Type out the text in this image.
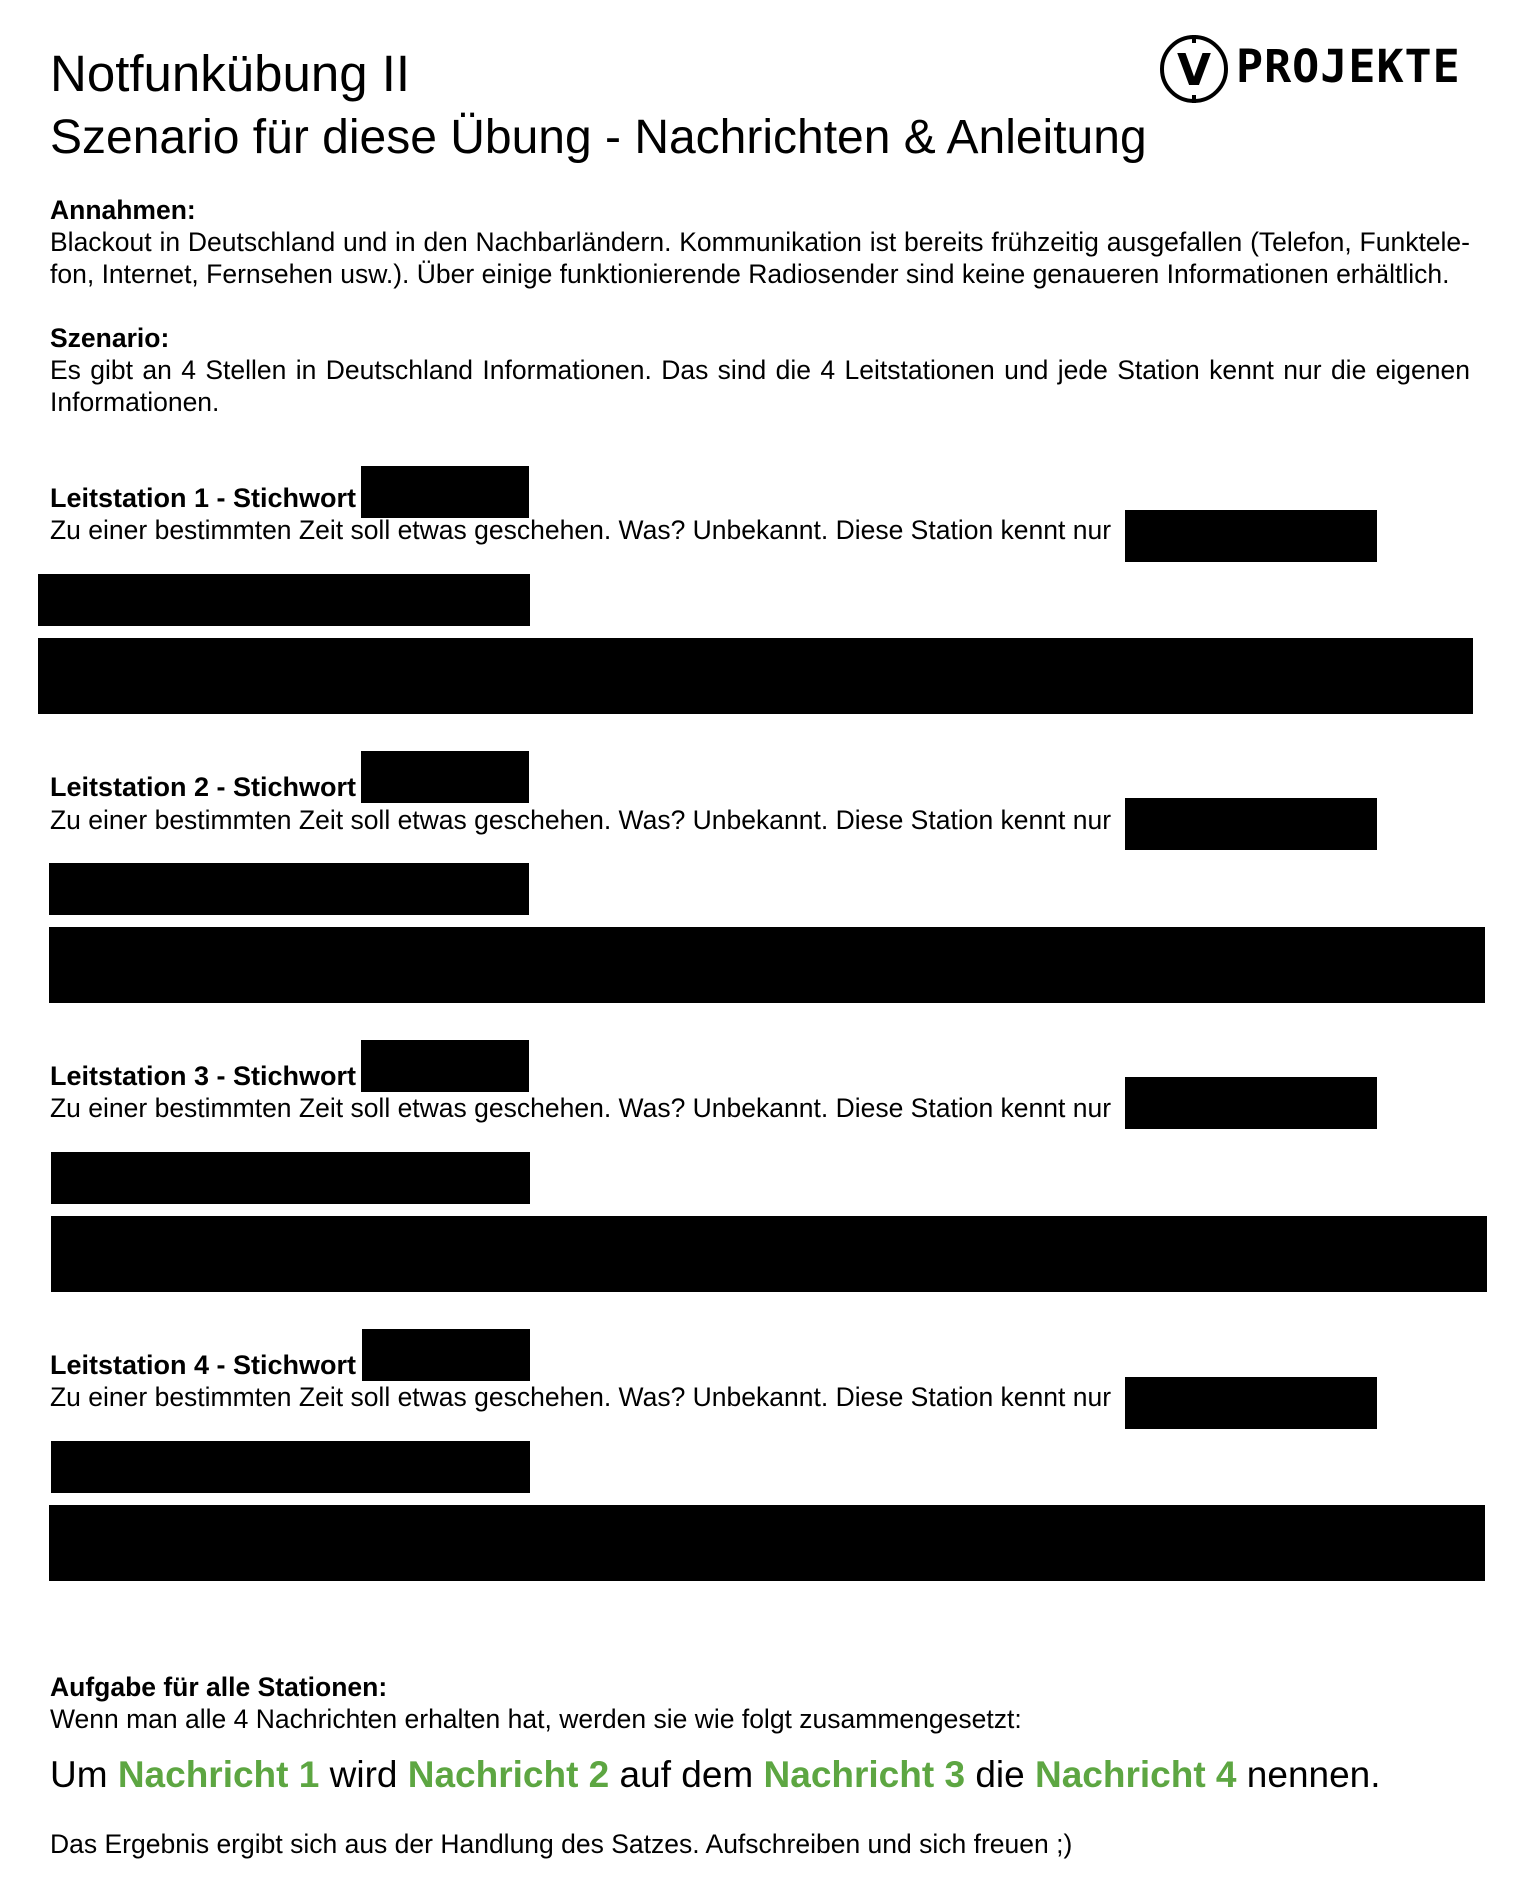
Notfunkübung II
Szenario für diese Übung - Nachrichten & Anleitung
V PROJEKTE
Annahmen:
Blackout in Deutschland und in den Nachbarländern. Kommunikation ist bereits frühzeitig ausgefallen (Telefon, Funktele-fon, Internet, Fernsehen usw.). Über einige funktionierende Radiosender sind keine genaueren Informationen erhältlich.
Szenario:
Es gibt an 4 Stellen in Deutschland Informationen. Das sind die 4 Leitstationen und jede Station kennt nur die eigenen Informationen.
Leitstation 1 - Stichwort
Zu einer bestimmten Zeit soll etwas geschehen. Was? Unbekannt. Diese Station kennt nur
Leitstation 2 - Stichwort
Zu einer bestimmten Zeit soll etwas geschehen. Was? Unbekannt. Diese Station kennt nur
Leitstation 3 - Stichwort
Zu einer bestimmten Zeit soll etwas geschehen. Was? Unbekannt. Diese Station kennt nur
Leitstation 4 - Stichwort
Zu einer bestimmten Zeit soll etwas geschehen. Was? Unbekannt. Diese Station kennt nur
Aufgabe für alle Stationen:
Wenn man alle 4 Nachrichten erhalten hat, werden sie wie folgt zusammengesetzt:
Um Nachricht 1 wird Nachricht 2 auf dem Nachricht 3 die Nachricht 4 nennen.
Das Ergebnis ergibt sich aus der Handlung des Satzes. Aufschreiben und sich freuen ;)
